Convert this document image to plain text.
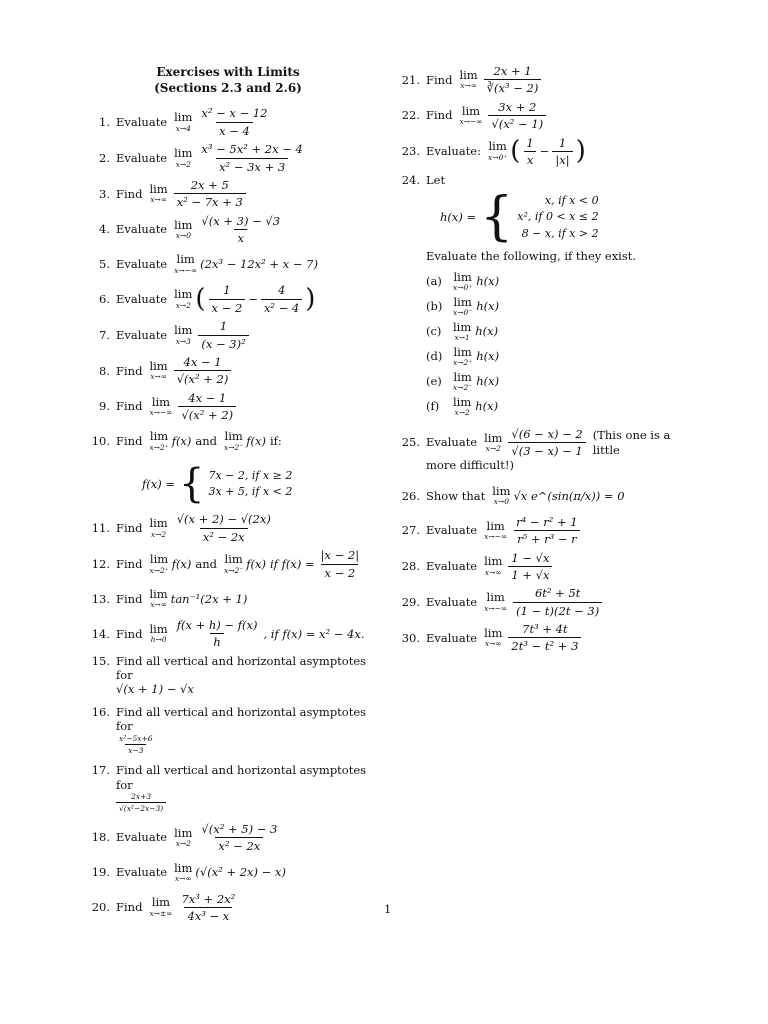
Exercises with Limits
(Sections 2.3 and 2.6)
1. Evaluate lim
$x\to 4 \frac{\text{x² − x − 12}}{x - 4}$
2. Evaluate lim
$x\to 2 \frac{\text{x³ − 5x² + 2x − 4}}{\text{x² − 3x + 3}}$
3. Find lim
$x\to\infty \frac{2x + 5}{\text{x² − 7x + 3}}$
4. Evaluate lim
$x\to 0 \frac{√(x + 3) - √3}{x}$
5. Evaluate lim
x→−∞ (2x³ − 12x² + x − 7)
6. Evaluate lim
x→2 ( $\frac{1}{x - 2} - \frac{4}{\text{x² − 4}}$ )
7. Evaluate lim
$x\to 3 \frac{1}{\text{(x − 3)²}}$
8. Find lim
$x\to\infty \frac{4x - 1}{\text{√(x² + 2)}}$
9. Find lim
$x\to-\infty \frac{4x - 1}{\text{√(x² + 2)}}$
10. Find lim
x→2⁺ f(x) and lim
x→2⁻ f(x) if:
f(x) = { 7x − 2, if x ≥ 2
3x + 5, if x < 2
11. Find lim
$x\to 2 \frac{√(x + 2) - √(2x)}{\text{x² − 2x}}$
12. Find lim
x→2⁺ f(x) and lim
x→2⁻ f(x) if $f(x) = \frac{|x - 2|}{x - 2}$
13. Find lim
x→∞ tan⁻¹(2x + 1)
14. Find lim
$h\to 0 \frac{f(x + h) - f(x)}{h}$ , if f(x) = x² − 4x.
15. Find all vertical and horizontal asymptotes for
√(x + 1) − √x
16. Find all vertical and horizontal asymptotes for
$\frac{\text{x²−5x+6}}{x-3}$
17. Find all vertical and horizontal asymptotes for
$\frac{2x+3}{\text{√(x²−2x−3)}}$
18. Evaluate lim
$x\to 2 \frac{\text{√(x² + 5) − 3}}{\text{x² − 2x}}$
19. Evaluate lim
x→∞ (√(x² + 2x) − x)
20. Find lim
$x\to\pm\infty \frac{\text{7x³ + 2x²}}{\text{4x³ − x}}$
21. Find lim
$x\to\infty \frac{2x + 1}{\text{∛(x³ − 2)}}$
22. Find lim
$x\to-\infty \frac{3x + 2}{\text{√(x² − 1)}}$
23. Evaluate: lim
x→0⁺ ( $\frac{1}{x} - \frac{1}{|x|}$ )
24. Let
h(x) = {	x, if x < 0
x², if 0 < x ≤ 2
8 − x, if x > 2
Evaluate the following, if they exist.
(a) lim
x→0⁺ h(x)
(b) lim
x→0⁻ h(x)
(c) lim
x→1 h(x)
(d) lim
x→2⁺ h(x)
(e) lim
x→2⁻ h(x)
(f) lim
x→2 h(x)
25. Evaluate lim
$x\to 2 \frac{√(6 - x) - 2}{√(3 - x) - 1}$ (This one is a little
more difficult!)
26. Show that lim
x→0 √x e^(sin(π/x)) = 0
27. Evaluate lim
$x\to-\infty \frac{\text{r⁴ − r² + 1}}{\text{r⁵ + r³ − r}}$
28. Evaluate lim
$x\to\infty \frac{1 - √x}{1 + √x}$
29. Evaluate lim
$x\to-\infty \frac{\text{6t² + 5t}}{(1 - t)(2t - 3)}$
30. Evaluate lim
$x\to\infty \frac{\text{7t³ + 4t}}{\text{2t³ − t² + 3}}$
1
